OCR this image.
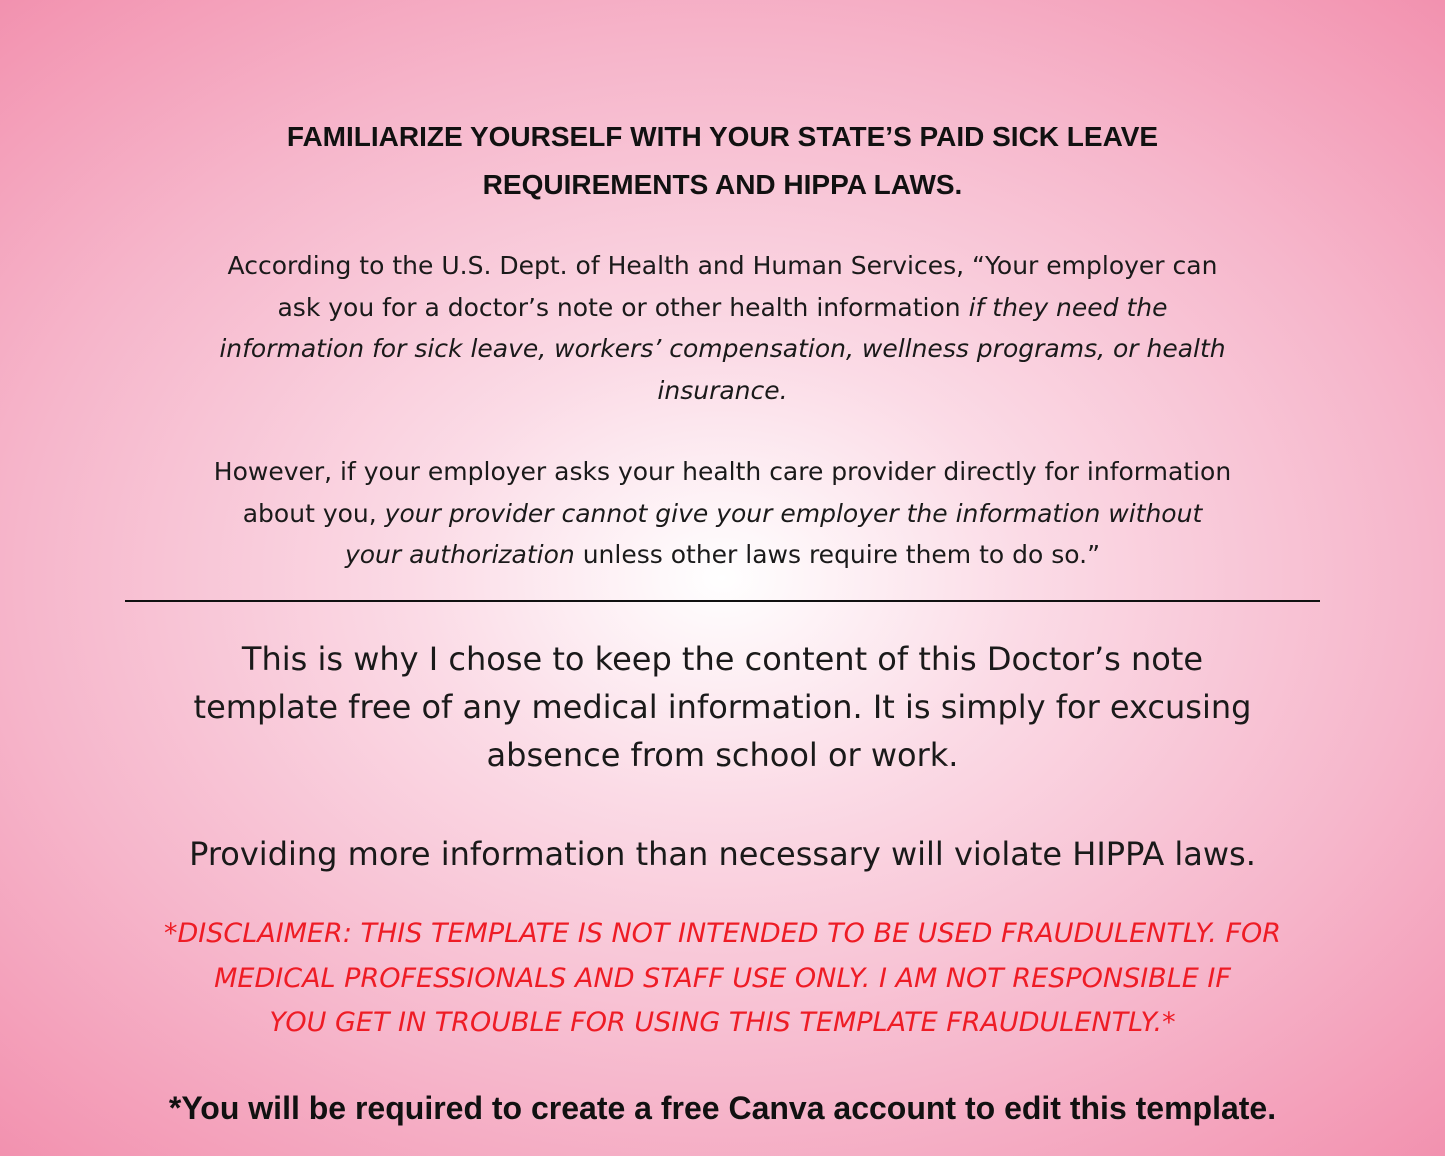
FAMILIARIZE YOURSELF WITH YOUR STATE’S PAID SICK LEAVE
REQUIREMENTS AND HIPPA LAWS.
According to the U.S. Dept. of Health and Human Services, “Your employer can
ask you for a doctor’s note or other health information if they need the
information for sick leave, workers’ compensation, wellness programs, or health
insurance.
However, if your employer asks your health care provider directly for information
about you, your provider cannot give your employer the information without
your authorization unless other laws require them to do so.”
This is why I chose to keep the content of this Doctor’s note
template free of any medical information. It is simply for excusing
absence from school or work.
Providing more information than necessary will violate HIPPA laws.
*DISCLAIMER: THIS TEMPLATE IS NOT INTENDED TO BE USED FRAUDULENTLY. FOR
MEDICAL PROFESSIONALS AND STAFF USE ONLY. I AM NOT RESPONSIBLE IF
YOU GET IN TROUBLE FOR USING THIS TEMPLATE FRAUDULENTLY.*
*You will be required to create a free Canva account to edit this template.
